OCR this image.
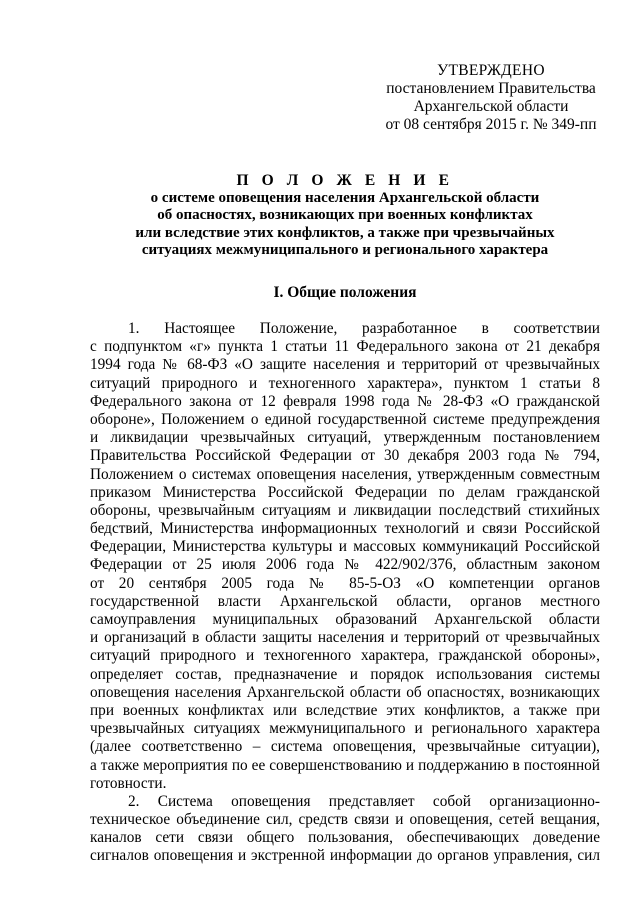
УТВЕРЖДЕНО
постановлением Правительства
Архангельской области
от 08 сентября 2015 г. № 349-пп
П О Л О Ж Е Н И Е
о системе оповещения населения Архангельской области
об опасностях, возникающих при военных конфликтах
или вследствие этих конфликтов, а также при чрезвычайных
ситуациях межмуниципального и регионального характера
I. Общие положения
1. Настоящее Положение, разработанное в соответствии
с подпунктом «г» пункта 1 статьи 11 Федерального закона от 21 декабря
1994 года № 68-ФЗ «О защите населения и территорий от чрезвычайных
ситуаций природного и техногенного характера», пунктом 1 статьи 8
Федерального закона от 12 февраля 1998 года № 28-ФЗ «О гражданской
обороне», Положением о единой государственной системе предупреждения
и ликвидации чрезвычайных ситуаций, утвержденным постановлением
Правительства Российской Федерации от 30 декабря 2003 года № 794,
Положением о системах оповещения населения, утвержденным совместным
приказом Министерства Российской Федерации по делам гражданской
обороны, чрезвычайным ситуациям и ликвидации последствий стихийных
бедствий, Министерства информационных технологий и связи Российской
Федерации, Министерства культуры и массовых коммуникаций Российской
Федерации от 25 июля 2006 года № 422/902/376, областным законом
от 20 сентября 2005 года № 85-5-ОЗ «О компетенции органов
государственной власти Архангельской области, органов местного
самоуправления муниципальных образований Архангельской области
и организаций в области защиты населения и территорий от чрезвычайных
ситуаций природного и техногенного характера, гражданской обороны»,
определяет состав, предназначение и порядок использования системы
оповещения населения Архангельской области об опасностях, возникающих
при военных конфликтах или вследствие этих конфликтов, а также при
чрезвычайных ситуациях межмуниципального и регионального характера
(далее соответственно – система оповещения, чрезвычайные ситуации),
а также мероприятия по ее совершенствованию и поддержанию в постоянной
готовности.
2. Система оповещения представляет собой организационно-
техническое объединение сил, средств связи и оповещения, сетей вещания,
каналов сети связи общего пользования, обеспечивающих доведение
сигналов оповещения и экстренной информации до органов управления, сил
